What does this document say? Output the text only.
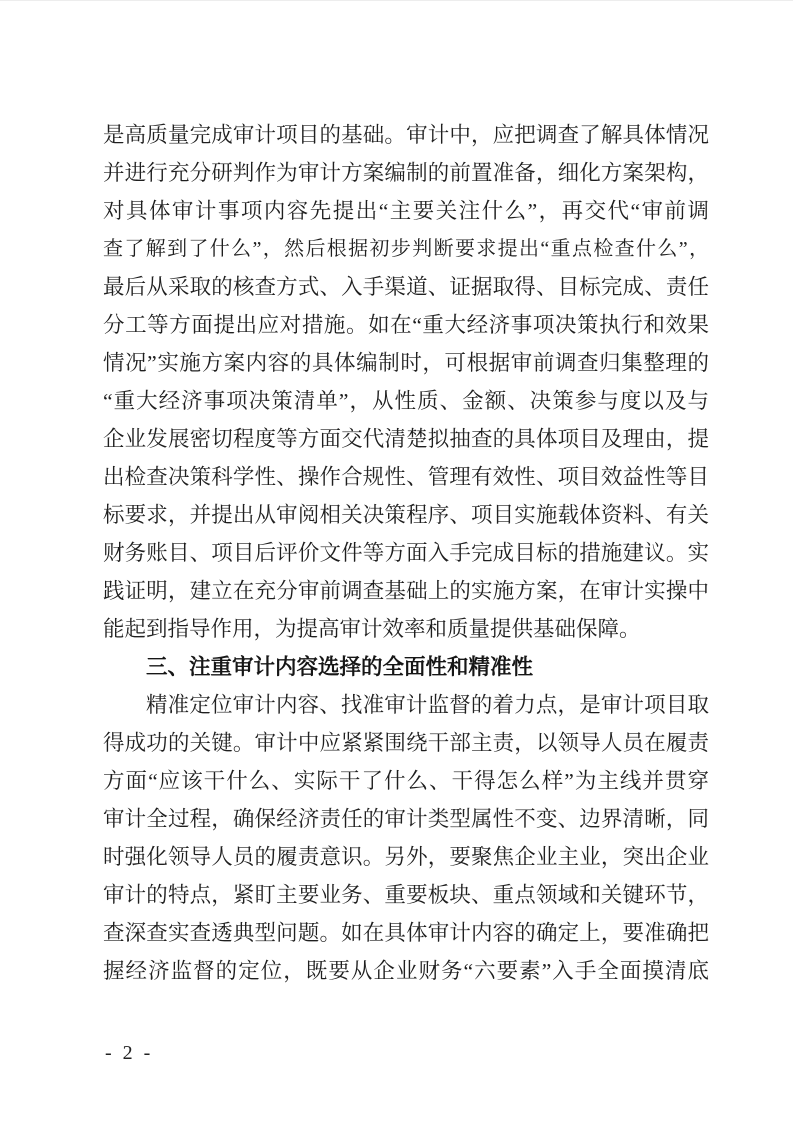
是高质量完成审计项目的基础。审计中，应把调查了解具体情况
并进行充分研判作为审计方案编制的前置准备，细化方案架构，
对具体审计事项内容先提出“主要关注什么”，再交代“审前调
查了解到了什么”，然后根据初步判断要求提出“重点检查什么”，
最后从采取的核查方式、入手渠道、证据取得、目标完成、责任
分工等方面提出应对措施。如在“重大经济事项决策执行和效果
情况”实施方案内容的具体编制时，可根据审前调查归集整理的
“重大经济事项决策清单”，从性质、金额、决策参与度以及与
企业发展密切程度等方面交代清楚拟抽查的具体项目及理由，提
出检查决策科学性、操作合规性、管理有效性、项目效益性等目
标要求，并提出从审阅相关决策程序、项目实施载体资料、有关
财务账目、项目后评价文件等方面入手完成目标的措施建议。实
践证明，建立在充分审前调查基础上的实施方案，在审计实操中
能起到指导作用，为提高审计效率和质量提供基础保障。
三、注重审计内容选择的全面性和精准性
精准定位审计内容、找准审计监督的着力点，是审计项目取
得成功的关键。审计中应紧紧围绕干部主责，以领导人员在履责
方面“应该干什么、实际干了什么、干得怎么样”为主线并贯穿
审计全过程，确保经济责任的审计类型属性不变、边界清晰，同
时强化领导人员的履责意识。另外，要聚焦企业主业，突出企业
审计的特点，紧盯主要业务、重要板块、重点领域和关键环节，
查深查实查透典型问题。如在具体审计内容的确定上，要准确把
握经济监督的定位，既要从企业财务“六要素”入手全面摸清底
- 2 -
